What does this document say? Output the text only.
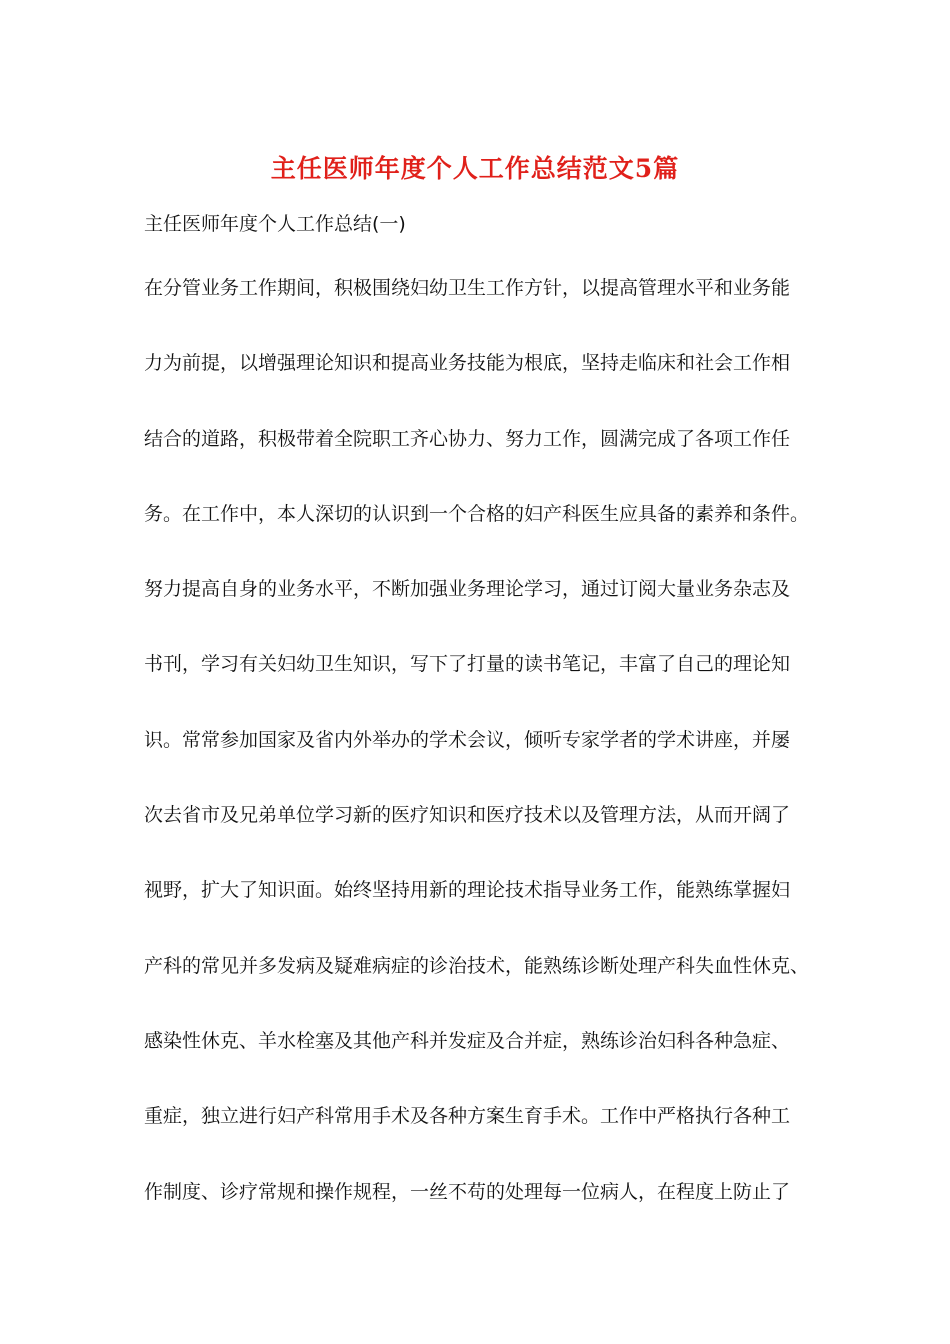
主任医师年度个人工作总结范文5篇
主任医师年度个人工作总结(一)
在分管业务工作期间，积极围绕妇幼卫生工作方针，以提高管理水平和业务能
力为前提，以增强理论知识和提高业务技能为根底，坚持走临床和社会工作相
结合的道路，积极带着全院职工齐心协力、努力工作，圆满完成了各项工作任
务。在工作中，本人深切的认识到一个合格的妇产科医生应具备的素养和条件。
努力提高自身的业务水平，不断加强业务理论学习，通过订阅大量业务杂志及
书刊，学习有关妇幼卫生知识，写下了打量的读书笔记，丰富了自己的理论知
识。常常参加国家及省内外举办的学术会议，倾听专家学者的学术讲座，并屡
次去省市及兄弟单位学习新的医疗知识和医疗技术以及管理方法，从而开阔了
视野，扩大了知识面。始终坚持用新的理论技术指导业务工作，能熟练掌握妇
产科的常见并多发病及疑难病症的诊治技术，能熟练诊断处理产科失血性休克、
感染性休克、羊水栓塞及其他产科并发症及合并症，熟练诊治妇科各种急症、
重症，独立进行妇产科常用手术及各种方案生育手术。工作中严格执行各种工
作制度、诊疗常规和操作规程，一丝不苟的处理每一位病人，在程度上防止了
